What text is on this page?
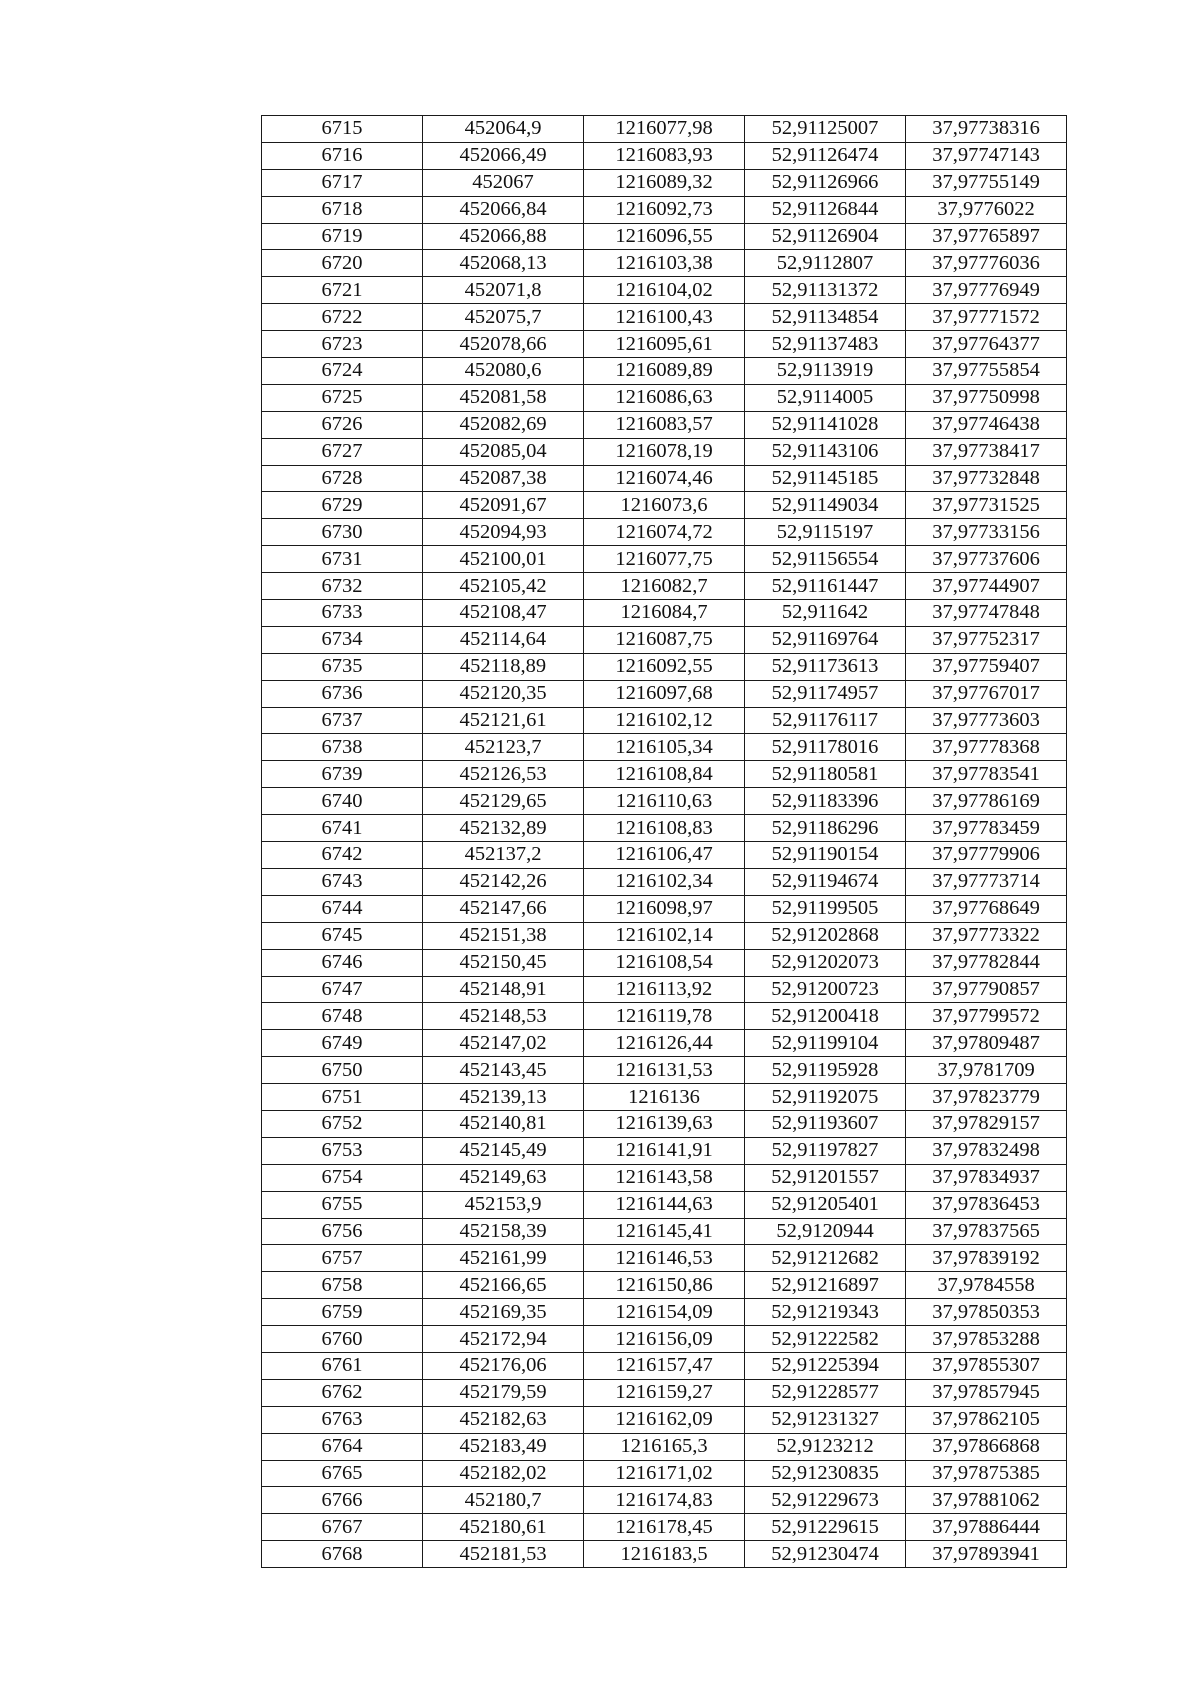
6715	452064,9	1216077,98	52,91125007	37,97738316
6716	452066,49	1216083,93	52,91126474	37,97747143
6717	452067	1216089,32	52,91126966	37,97755149
6718	452066,84	1216092,73	52,91126844	37,9776022
6719	452066,88	1216096,55	52,91126904	37,97765897
6720	452068,13	1216103,38	52,9112807	37,97776036
6721	452071,8	1216104,02	52,91131372	37,97776949
6722	452075,7	1216100,43	52,91134854	37,97771572
6723	452078,66	1216095,61	52,91137483	37,97764377
6724	452080,6	1216089,89	52,9113919	37,97755854
6725	452081,58	1216086,63	52,9114005	37,97750998
6726	452082,69	1216083,57	52,91141028	37,97746438
6727	452085,04	1216078,19	52,91143106	37,97738417
6728	452087,38	1216074,46	52,91145185	37,97732848
6729	452091,67	1216073,6	52,91149034	37,97731525
6730	452094,93	1216074,72	52,9115197	37,97733156
6731	452100,01	1216077,75	52,91156554	37,97737606
6732	452105,42	1216082,7	52,91161447	37,97744907
6733	452108,47	1216084,7	52,911642	37,97747848
6734	452114,64	1216087,75	52,91169764	37,97752317
6735	452118,89	1216092,55	52,91173613	37,97759407
6736	452120,35	1216097,68	52,91174957	37,97767017
6737	452121,61	1216102,12	52,91176117	37,97773603
6738	452123,7	1216105,34	52,91178016	37,97778368
6739	452126,53	1216108,84	52,91180581	37,97783541
6740	452129,65	1216110,63	52,91183396	37,97786169
6741	452132,89	1216108,83	52,91186296	37,97783459
6742	452137,2	1216106,47	52,91190154	37,97779906
6743	452142,26	1216102,34	52,91194674	37,97773714
6744	452147,66	1216098,97	52,91199505	37,97768649
6745	452151,38	1216102,14	52,91202868	37,97773322
6746	452150,45	1216108,54	52,91202073	37,97782844
6747	452148,91	1216113,92	52,91200723	37,97790857
6748	452148,53	1216119,78	52,91200418	37,97799572
6749	452147,02	1216126,44	52,91199104	37,97809487
6750	452143,45	1216131,53	52,91195928	37,9781709
6751	452139,13	1216136	52,91192075	37,97823779
6752	452140,81	1216139,63	52,91193607	37,97829157
6753	452145,49	1216141,91	52,91197827	37,97832498
6754	452149,63	1216143,58	52,91201557	37,97834937
6755	452153,9	1216144,63	52,91205401	37,97836453
6756	452158,39	1216145,41	52,9120944	37,97837565
6757	452161,99	1216146,53	52,91212682	37,97839192
6758	452166,65	1216150,86	52,91216897	37,9784558
6759	452169,35	1216154,09	52,91219343	37,97850353
6760	452172,94	1216156,09	52,91222582	37,97853288
6761	452176,06	1216157,47	52,91225394	37,97855307
6762	452179,59	1216159,27	52,91228577	37,97857945
6763	452182,63	1216162,09	52,91231327	37,97862105
6764	452183,49	1216165,3	52,9123212	37,97866868
6765	452182,02	1216171,02	52,91230835	37,97875385
6766	452180,7	1216174,83	52,91229673	37,97881062
6767	452180,61	1216178,45	52,91229615	37,97886444
6768	452181,53	1216183,5	52,91230474	37,97893941
